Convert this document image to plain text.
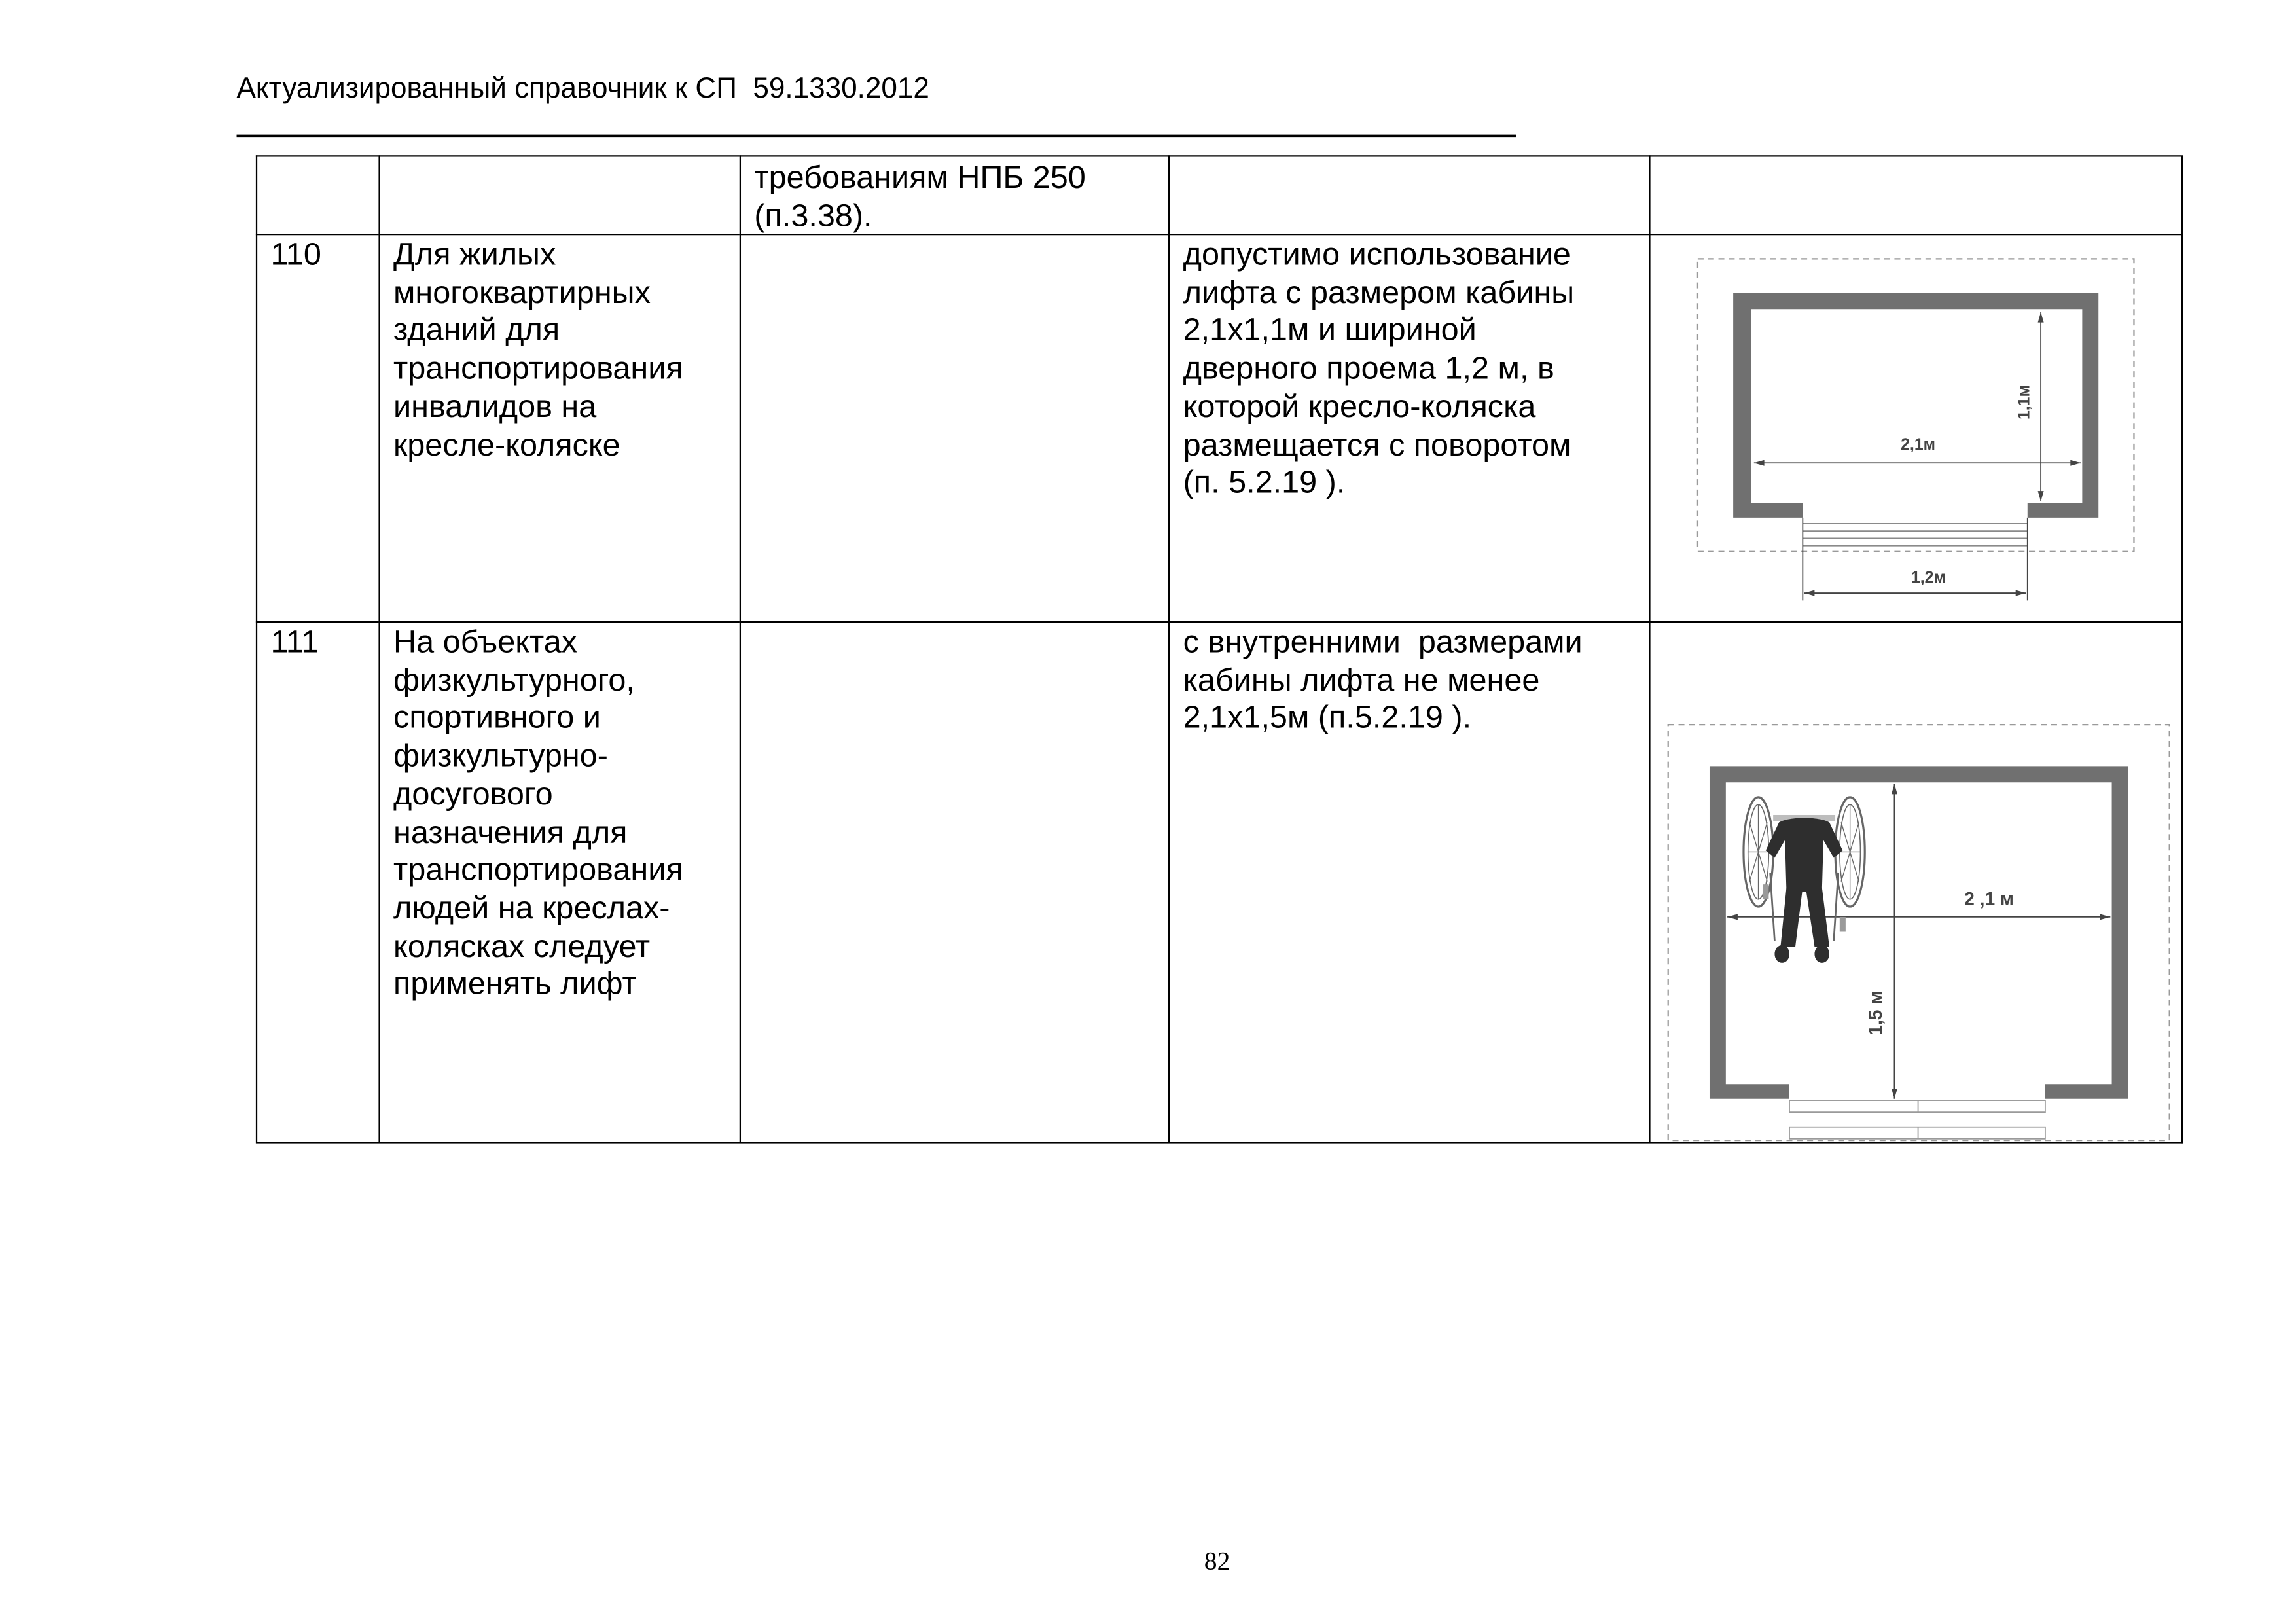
Актуализированный справочник к СП  59.1330.2012
требованиям НПБ 250
(п.3.38).
110	Для жилых
многоквартирных
зданий для
транспортирования
инвалидов на
кресле-коляске
допустимо использование
лифта с размером кабины
2,1х1,1м и шириной
дверного проема 1,2 м, в
которой кресло-коляска
размещается с поворотом
(п. 5.2.19 ).
2,1м
1,1м
1,2м
111	На объектах
физкультурного,
спортивного и
физкультурно-
досугового
назначения для
транспортирования
людей на креслах-
колясках следует
применять лифт
с внутренними  размерами
кабины лифта не менее
2,1х1,5м (п.5.2.19 ).
2 ,1 м
1,5 м
82
